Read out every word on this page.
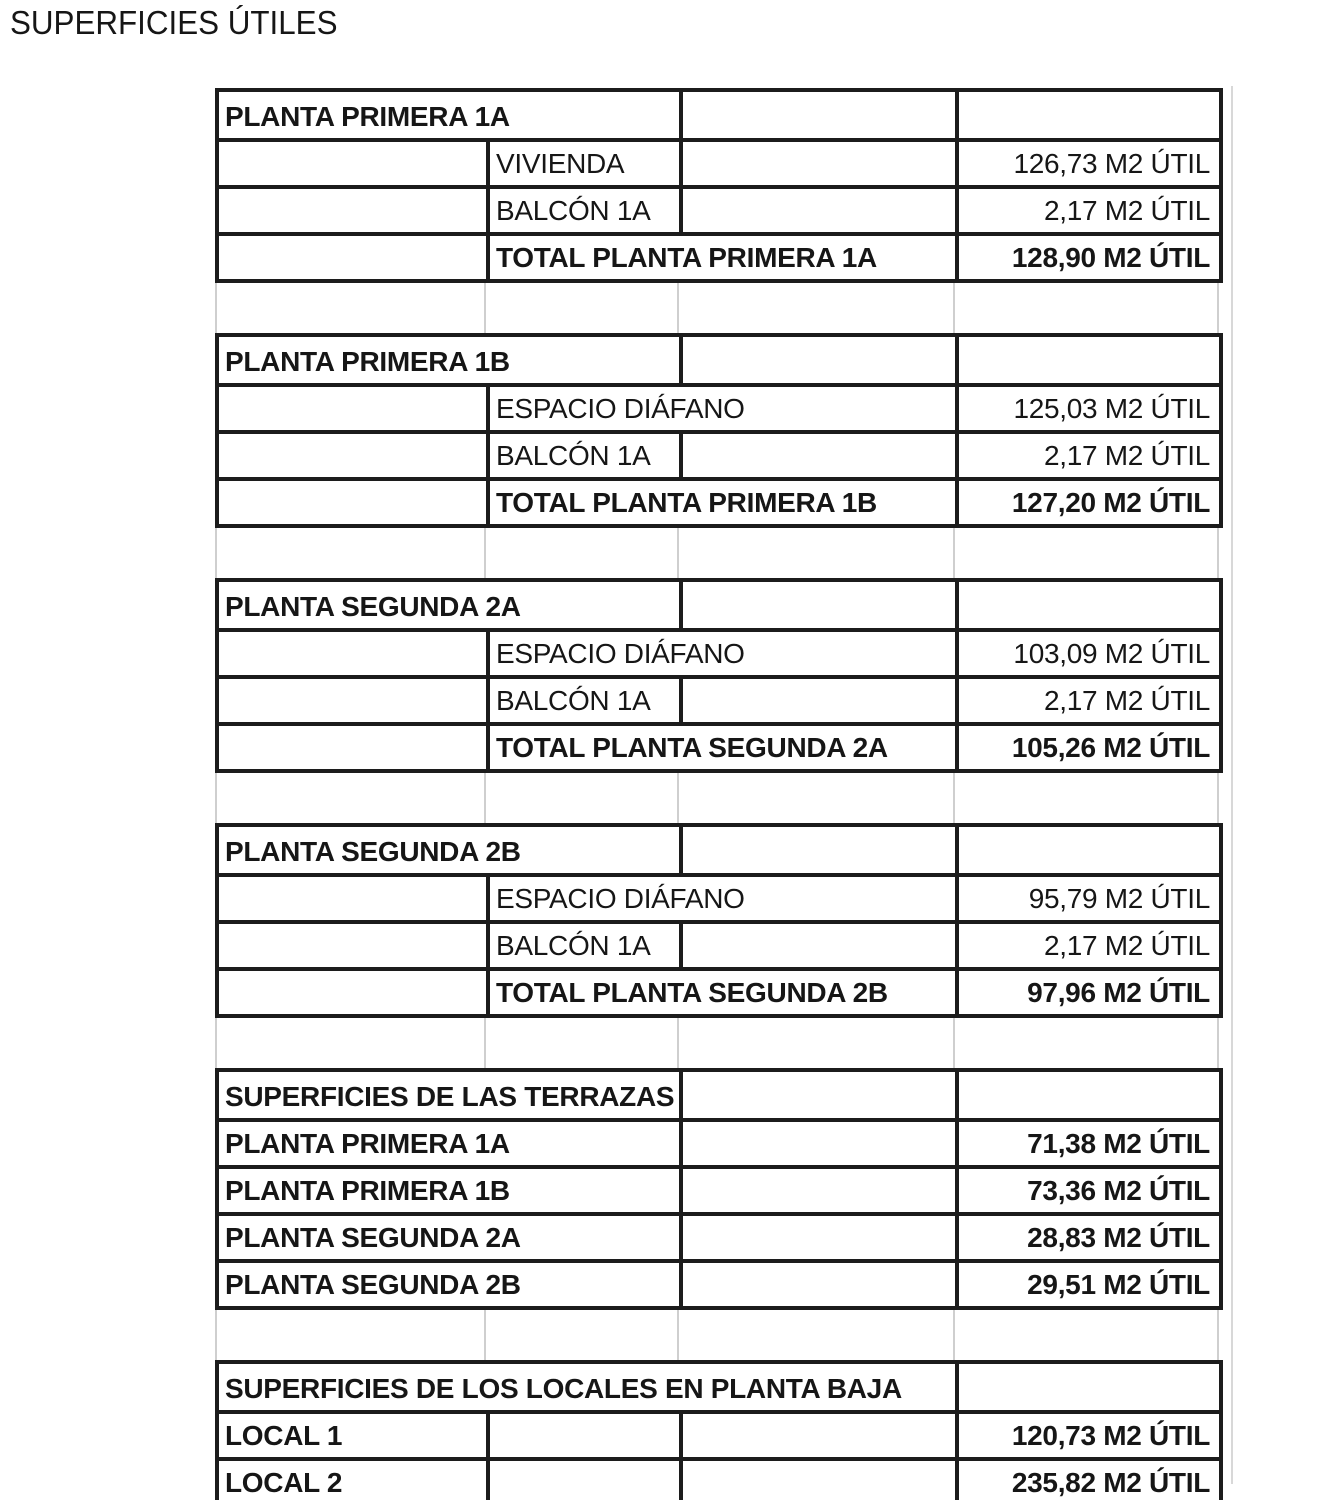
SUPERFICIES ÚTILES
PLANTA PRIMERA 1A			
	VIVIENDA		126,73 M2 ÚTIL
	BALCÓN 1A		2,17 M2 ÚTIL
	TOTAL PLANTA PRIMERA 1A		128,90 M2 ÚTIL
PLANTA PRIMERA 1B			
	ESPACIO DIÁFANO		125,03 M2 ÚTIL
	BALCÓN 1A		2,17 M2 ÚTIL
	TOTAL PLANTA PRIMERA 1B		127,20 M2 ÚTIL
PLANTA SEGUNDA 2A			
	ESPACIO DIÁFANO		103,09 M2 ÚTIL
	BALCÓN 1A		2,17 M2 ÚTIL
	TOTAL PLANTA SEGUNDA 2A		105,26 M2 ÚTIL
PLANTA SEGUNDA 2B			
	ESPACIO DIÁFANO		95,79 M2 ÚTIL
	BALCÓN 1A		2,17 M2 ÚTIL
	TOTAL PLANTA SEGUNDA 2B		97,96 M2 ÚTIL
SUPERFICIES DE LAS TERRAZAS		
PLANTA PRIMERA 1A		71,38 M2 ÚTIL
PLANTA PRIMERA 1B		73,36 M2 ÚTIL
PLANTA SEGUNDA 2A		28,83 M2 ÚTIL
PLANTA SEGUNDA 2B		29,51 M2 ÚTIL
SUPERFICIES DE LOS LOCALES EN PLANTA BAJA			
LOCAL 1			120,73 M2 ÚTIL
LOCAL 2			235,82 M2 ÚTIL
